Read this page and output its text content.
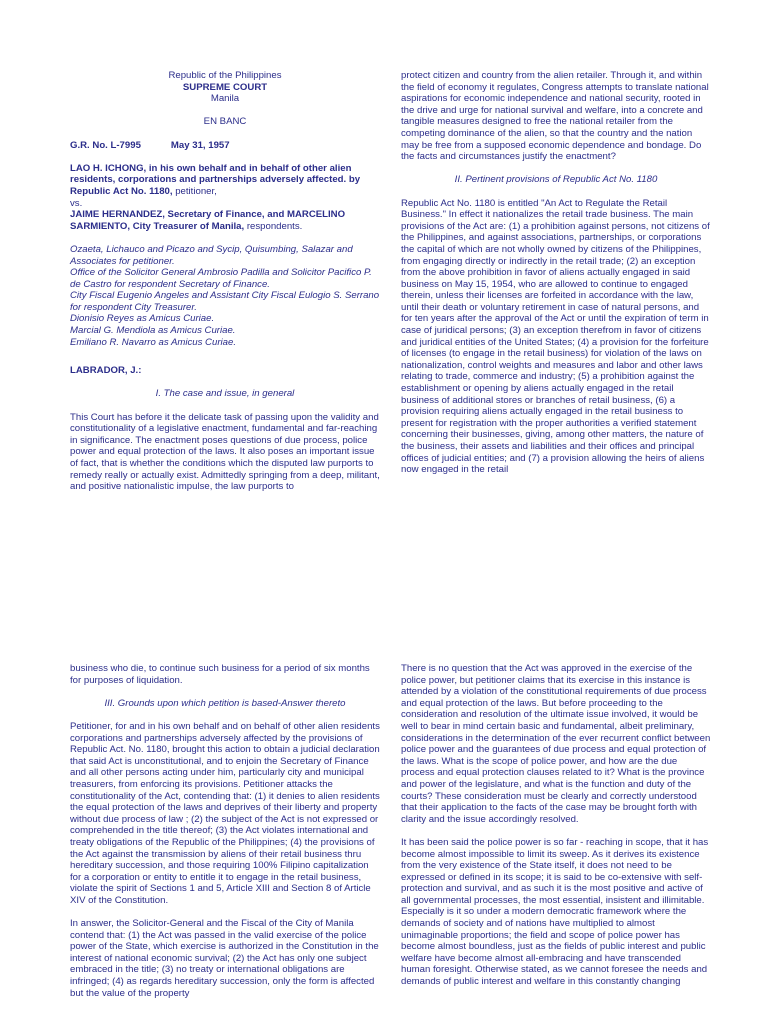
Republic of the Philippines

SUPREME COURT

Manila

EN BANC

G.R. No. L-7995	May 31, 1957

LAO H. ICHONG, in his own behalf and in behalf of other alien residents, corporations and partnerships adversely affected. by Republic Act No. 1180, petitioner,

vs.

JAIME HERNANDEZ, Secretary of Finance, and MARCELINO SARMIENTO, City Treasurer of Manila, respondents.

Ozaeta, Lichauco and Picazo and Sycip, Quisumbing, Salazar and Associates for petitioner.

Office of the Solicitor General Ambrosio Padilla and Solicitor Pacifico P. de Castro for respondent Secretary of Finance.

City Fiscal Eugenio Angeles and Assistant City Fiscal Eulogio S. Serrano for respondent City Treasurer.

Dionisio Reyes as Amicus Curiae.

Marcial G. Mendiola as Amicus Curiae.

Emiliano R. Navarro as Amicus Curiae.

LABRADOR, J.:

I. The case and issue, in general

This Court has before it the delicate task of passing upon the validity and constitutionality of a legislative enactment, fundamental and far-reaching in significance. The enactment poses questions of due process, police power and equal protection of the laws. It also poses an important issue of fact, that is whether the conditions which the disputed law purports to remedy really or actually exist. Admittedly springing from a deep, militant, and positive nationalistic impulse, the law purports to

protect citizen and country from the alien retailer. Through it, and within the field of economy it regulates, Congress attempts to translate national aspirations for economic independence and national security, rooted in the drive and urge for national survival and welfare, into a concrete and tangible measures designed to free the national retailer from the competing dominance of the alien, so that the country and the nation may be free from a supposed economic dependence and bondage. Do the facts and circumstances justify the enactment?

II. Pertinent provisions of Republic Act No. 1180

Republic Act No. 1180 is entitled "An Act to Regulate the Retail Business." In effect it nationalizes the retail trade business. The main provisions of the Act are: (1) a prohibition against persons, not citizens of the Philippines, and against associations, partnerships, or corporations the capital of which are not wholly owned by citizens of the Philippines, from engaging directly or indirectly in the retail trade; (2) an exception from the above prohibition in favor of aliens actually engaged in said business on May 15, 1954, who are allowed to continue to engaged therein, unless their licenses are forfeited in accordance with the law, until their death or voluntary retirement in case of natural persons, and for ten years after the approval of the Act or until the expiration of term in case of juridical persons; (3) an exception therefrom in favor of citizens and juridical entities of the United States; (4) a provision for the forfeiture of licenses (to engage in the retail business) for violation of the laws on nationalization, control weights and measures and labor and other laws relating to trade, commerce and industry; (5) a prohibition against the establishment or opening by aliens actually engaged in the retail business of additional stores or branches of retail business, (6) a provision requiring aliens actually engaged in the retail business to present for registration with the proper authorities a verified statement concerning their businesses, giving, among other matters, the nature of the business, their assets and liabilities and their offices and principal offices of judicial entities; and (7) a provision allowing the heirs of aliens now engaged in the retail

business who die, to continue such business for a period of six months for purposes of liquidation.

III. Grounds upon which petition is based-Answer thereto

Petitioner, for and in his own behalf and on behalf of other alien residents corporations and partnerships adversely affected by the provisions of Republic Act. No. 1180, brought this action to obtain a judicial declaration that said Act is unconstitutional, and to enjoin the Secretary of Finance and all other persons acting under him, particularly city and municipal treasurers, from enforcing its provisions. Petitioner attacks the constitutionality of the Act, contending that: (1) it denies to alien residents the equal protection of the laws and deprives of their liberty and property without due process of law ; (2) the subject of the Act is not expressed or comprehended in the title thereof; (3) the Act violates international and treaty obligations of the Republic of the Philippines; (4) the provisions of the Act against the transmission by aliens of their retail business thru hereditary succession, and those requiring 100% Filipino capitalization for a corporation or entity to entitle it to engage in the retail business, violate the spirit of Sections 1 and 5, Article XIII and Section 8 of Article XIV of the Constitution.

In answer, the Solicitor-General and the Fiscal of the City of Manila contend that: (1) the Act was passed in the valid exercise of the police power of the State, which exercise is authorized in the Constitution in the interest of national economic survival; (2) the Act has only one subject embraced in the title; (3) no treaty or international obligations are infringed; (4) as regards hereditary succession, only the form is affected but the value of the property

There is no question that the Act was approved in the exercise of the police power, but petitioner claims that its exercise in this instance is attended by a violation of the constitutional requirements of due process and equal protection of the laws. But before proceeding to the consideration and resolution of the ultimate issue involved, it would be well to bear in mind certain basic and fundamental, albeit preliminary, considerations in the determination of the ever recurrent conflict between police power and the guarantees of due process and equal protection of the laws. What is the scope of police power, and how are the due process and equal protection clauses related to it? What is the province and power of the legislature, and what is the function and duty of the courts? These consideration must be clearly and correctly understood that their application to the facts of the case may be brought forth with clarity and the issue accordingly resolved.

It has been said the police power is so far - reaching in scope, that it has become almost impossible to limit its sweep. As it derives its existence from the very existence of the State itself, it does not need to be expressed or defined in its scope; it is said to be co-extensive with self-protection and survival, and as such it is the most positive and active of all governmental processes, the most essential, insistent and illimitable. Especially is it so under a modern democratic framework where the demands of society and of nations have multiplied to almost unimaginable proportions; the field and scope of police power has become almost boundless, just as the fields of public interest and public welfare have become almost all-embracing and have transcended human foresight. Otherwise stated, as we cannot foresee the needs and demands of public interest and welfare in this constantly changing
